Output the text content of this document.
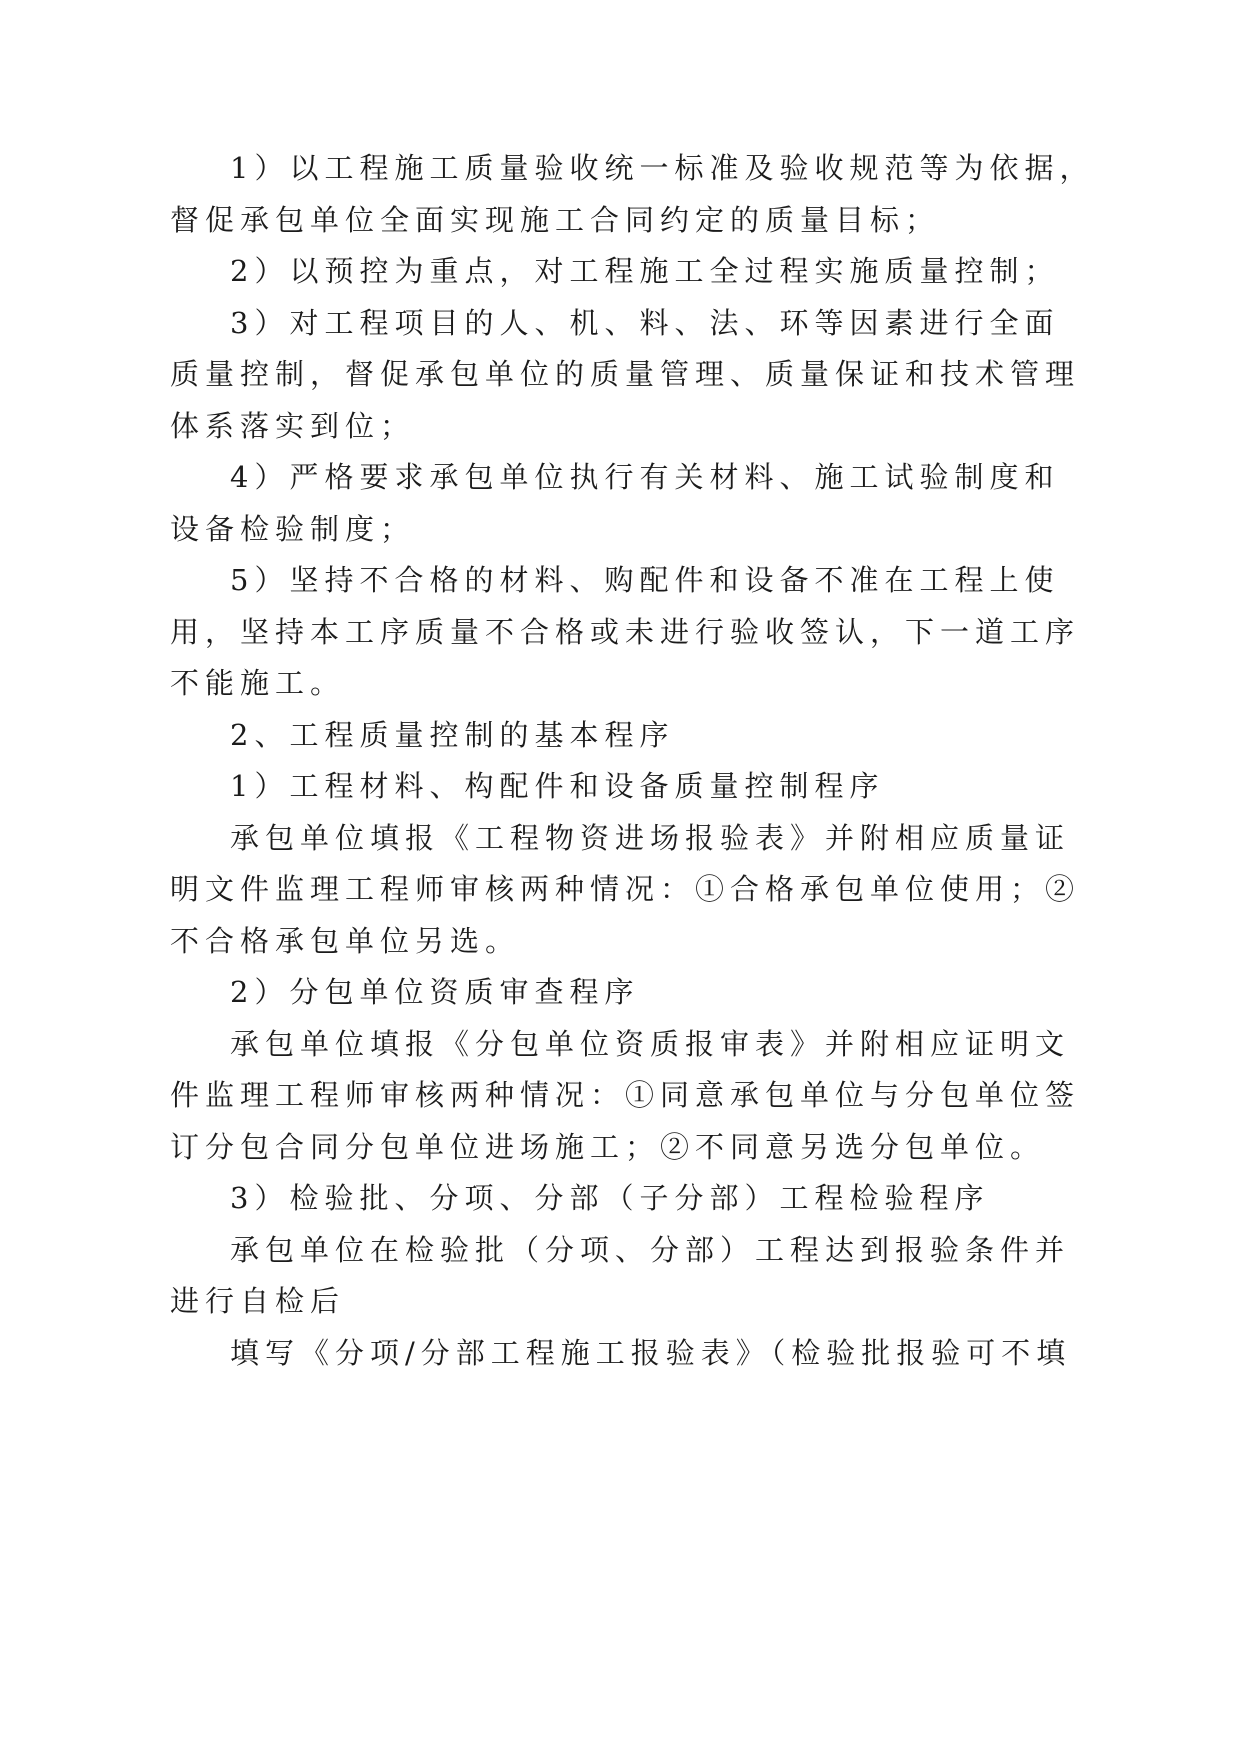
1）以工程施工质量验收统一标准及验收规范等为依据，
督促承包单位全面实现施工合同约定的质量目标；
2）以预控为重点，对工程施工全过程实施质量控制；
3）对工程项目的人、机、料、法、环等因素进行全面
质量控制，督促承包单位的质量管理、质量保证和技术管理
体系落实到位；
4）严格要求承包单位执行有关材料、施工试验制度和
设备检验制度；
5）坚持不合格的材料、购配件和设备不准在工程上使
用，坚持本工序质量不合格或未进行验收签认，下一道工序
不能施工。
2、工程质量控制的基本程序
1）工程材料、构配件和设备质量控制程序
承包单位填报《工程物资进场报验表》并附相应质量证
明文件监理工程师审核两种情况：①合格承包单位使用；②
不合格承包单位另选。
2）分包单位资质审查程序
承包单位填报《分包单位资质报审表》并附相应证明文
件监理工程师审核两种情况：①同意承包单位与分包单位签
订分包合同分包单位进场施工；②不同意另选分包单位。
3）检验批、分项、分部（子分部）工程检验程序
承包单位在检验批（分项、分部）工程达到报验条件并
进行自检后
填写《分项/分部工程施工报验表》（检验批报验可不填
